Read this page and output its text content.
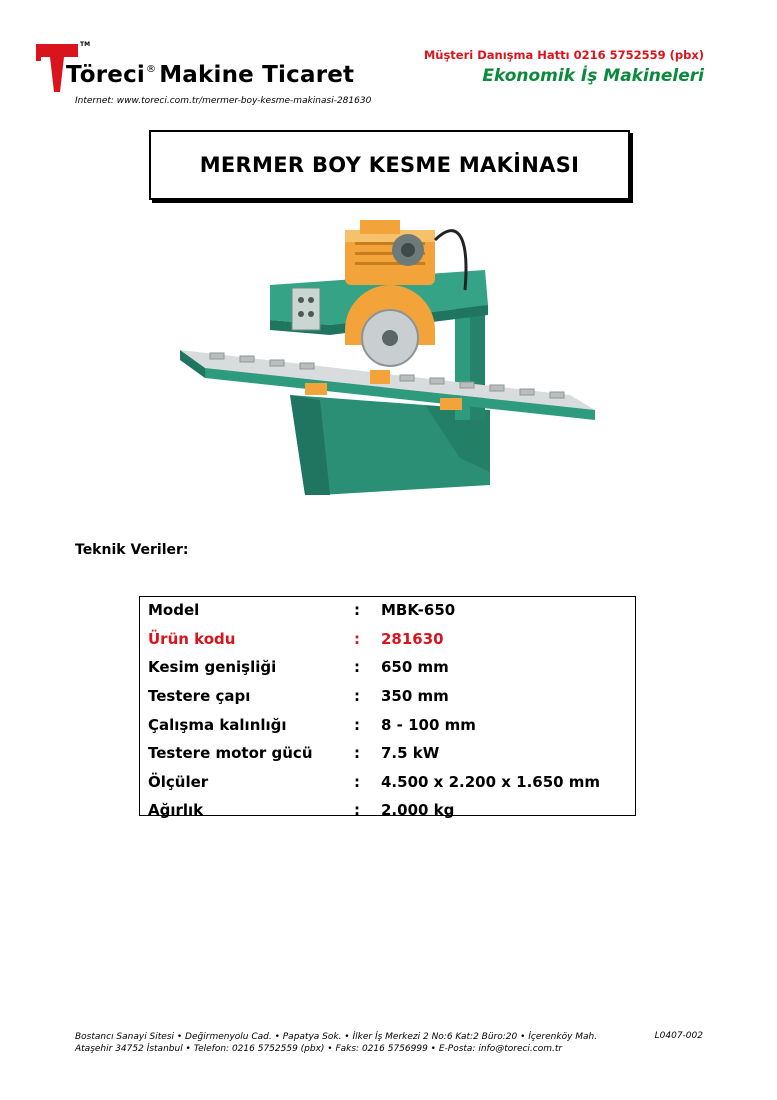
TM
Töreci® Makine Ticaret
Internet: www.toreci.com.tr/mermer-boy-kesme-makinasi-281630
Müşteri Danışma Hattı 0216 5752559 (pbx)
Ekonomik İş Makineleri
MERMER BOY KESME MAKİNASI
Teknik Veriler:
Model	:	MBK-650
Ürün kodu	:	281630
Kesim genişliği	:	650 mm
Testere çapı	:	350 mm
Çalışma kalınlığı	:	8 - 100 mm
Testere motor gücü	:	7.5 kW
Ölçüler	:	4.500 x 2.200 x 1.650 mm
Ağırlık	:	2.000 kg
Bostancı Sanayi Sitesi • Değirmenyolu Cad. • Papatya Sok. • İlker İş Merkezi 2 No:6 Kat:2 Büro:20 • İçerenköy Mah.
Ataşehir 34752 İstanbul • Telefon: 0216 5752559 (pbx) • Faks: 0216 5756999 • E-Posta: info@toreci.com.tr
L0407-002
